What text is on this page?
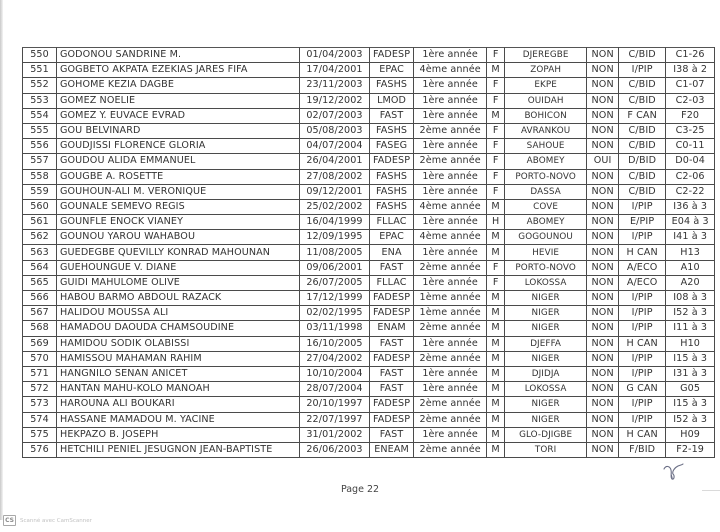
550	GODONOU SANDRINE M.	01/04/2003	FADESP	1ère année	F	DJEREGBE	NON	C/BID	C1-26
551	GOGBETO AKPATA EZEKIAS JARES FIFA	17/04/2001	EPAC	4ème année	M	ZOPAH	NON	I/PIP	I38 à 2
552	GOHOME KEZIA DAGBE	23/11/2003	FASHS	1ère année	F	EKPE	NON	C/BID	C1-07
553	GOMEZ NOELIE	19/12/2002	LMOD	1ère année	F	OUIDAH	NON	C/BID	C2-03
554	GOMEZ Y. EUVACE EVRAD	02/07/2003	FAST	1ère année	M	BOHICON	NON	F CAN	F20
555	GOU BELVINARD	05/08/2003	FASHS	2ème année	F	AVRANKOU	NON	C/BID	C3-25
556	GOUDJISSI FLORENCE GLORIA	04/07/2004	FASEG	1ère année	F	SAHOUE	NON	C/BID	C0-11
557	GOUDOU ALIDA EMMANUEL	26/04/2001	FADESP	2ème année	F	ABOMEY	OUI	D/BID	D0-04
558	GOUGBE A. ROSETTE	27/08/2002	FASHS	1ère année	F	PORTO-NOVO	NON	C/BID	C2-06
559	GOUHOUN-ALI M. VERONIQUE	09/12/2001	FASHS	1ère année	F	DASSA	NON	C/BID	C2-22
560	GOUNALE SEMEVO REGIS	25/02/2002	FASHS	4ème année	M	COVE	NON	I/PIP	I36 à 3
561	GOUNFLE ENOCK VIANEY	16/04/1999	FLLAC	1ère année	H	ABOMEY	NON	E/PIP	E04 à 3
562	GOUNOU YAROU WAHABOU	12/09/1995	EPAC	4ème année	M	GOGOUNOU	NON	I/PIP	I41 à 3
563	GUEDEGBE QUEVILLY KONRAD MAHOUNAN	11/08/2005	ENA	1ère année	M	HEVIE	NON	H CAN	H13
564	GUEHOUNGUE V. DIANE	09/06/2001	FAST	2ème année	F	PORTO-NOVO	NON	A/ECO	A10
565	GUIDI MAHULOME OLIVE	26/07/2005	FLLAC	1ère année	F	LOKOSSA	NON	A/ECO	A20
566	HABOU BARMO ABDOUL RAZACK	17/12/1999	FADESP	1ème année	M	NIGER	NON	I/PIP	I08 à 3
567	HALIDOU MOUSSA ALI	02/02/1995	FADESP	1ème année	M	NIGER	NON	I/PIP	I52 à 3
568	HAMADOU DAOUDA CHAMSOUDINE	03/11/1998	ENAM	2ème année	M	NIGER	NON	I/PIP	I11 à 3
569	HAMIDOU SODIK OLABISSI	16/10/2005	FAST	1ère année	M	DJEFFA	NON	H CAN	H10
570	HAMISSOU MAHAMAN RAHIM	27/04/2002	FADESP	2ème année	M	NIGER	NON	I/PIP	I15 à 3
571	HANGNILO SENAN ANICET	10/10/2004	FAST	1ère année	M	DJIDJA	NON	I/PIP	I31 à 3
572	HANTAN MAHU-KOLO MANOAH	28/07/2004	FAST	1ère année	M	LOKOSSA	NON	G CAN	G05
573	HAROUNA ALI BOUKARI	20/10/1997	FADESP	2ème année	M	NIGER	NON	I/PIP	I15 à 3
574	HASSANE MAMADOU M. YACINE	22/07/1997	FADESP	2ème année	M	NIGER	NON	I/PIP	I52 à 3
575	HEKPAZO B. JOSEPH	31/01/2002	FAST	1ère année	M	GLO-DJIGBE	NON	H CAN	H09
576	HETCHILI PENIEL JESUGNON JEAN-BAPTISTE	26/06/2003	ENEAM	2ème année	M	TORI	NON	F/BID	F2-19
Page 22
CS	Scanné avec CamScanner
